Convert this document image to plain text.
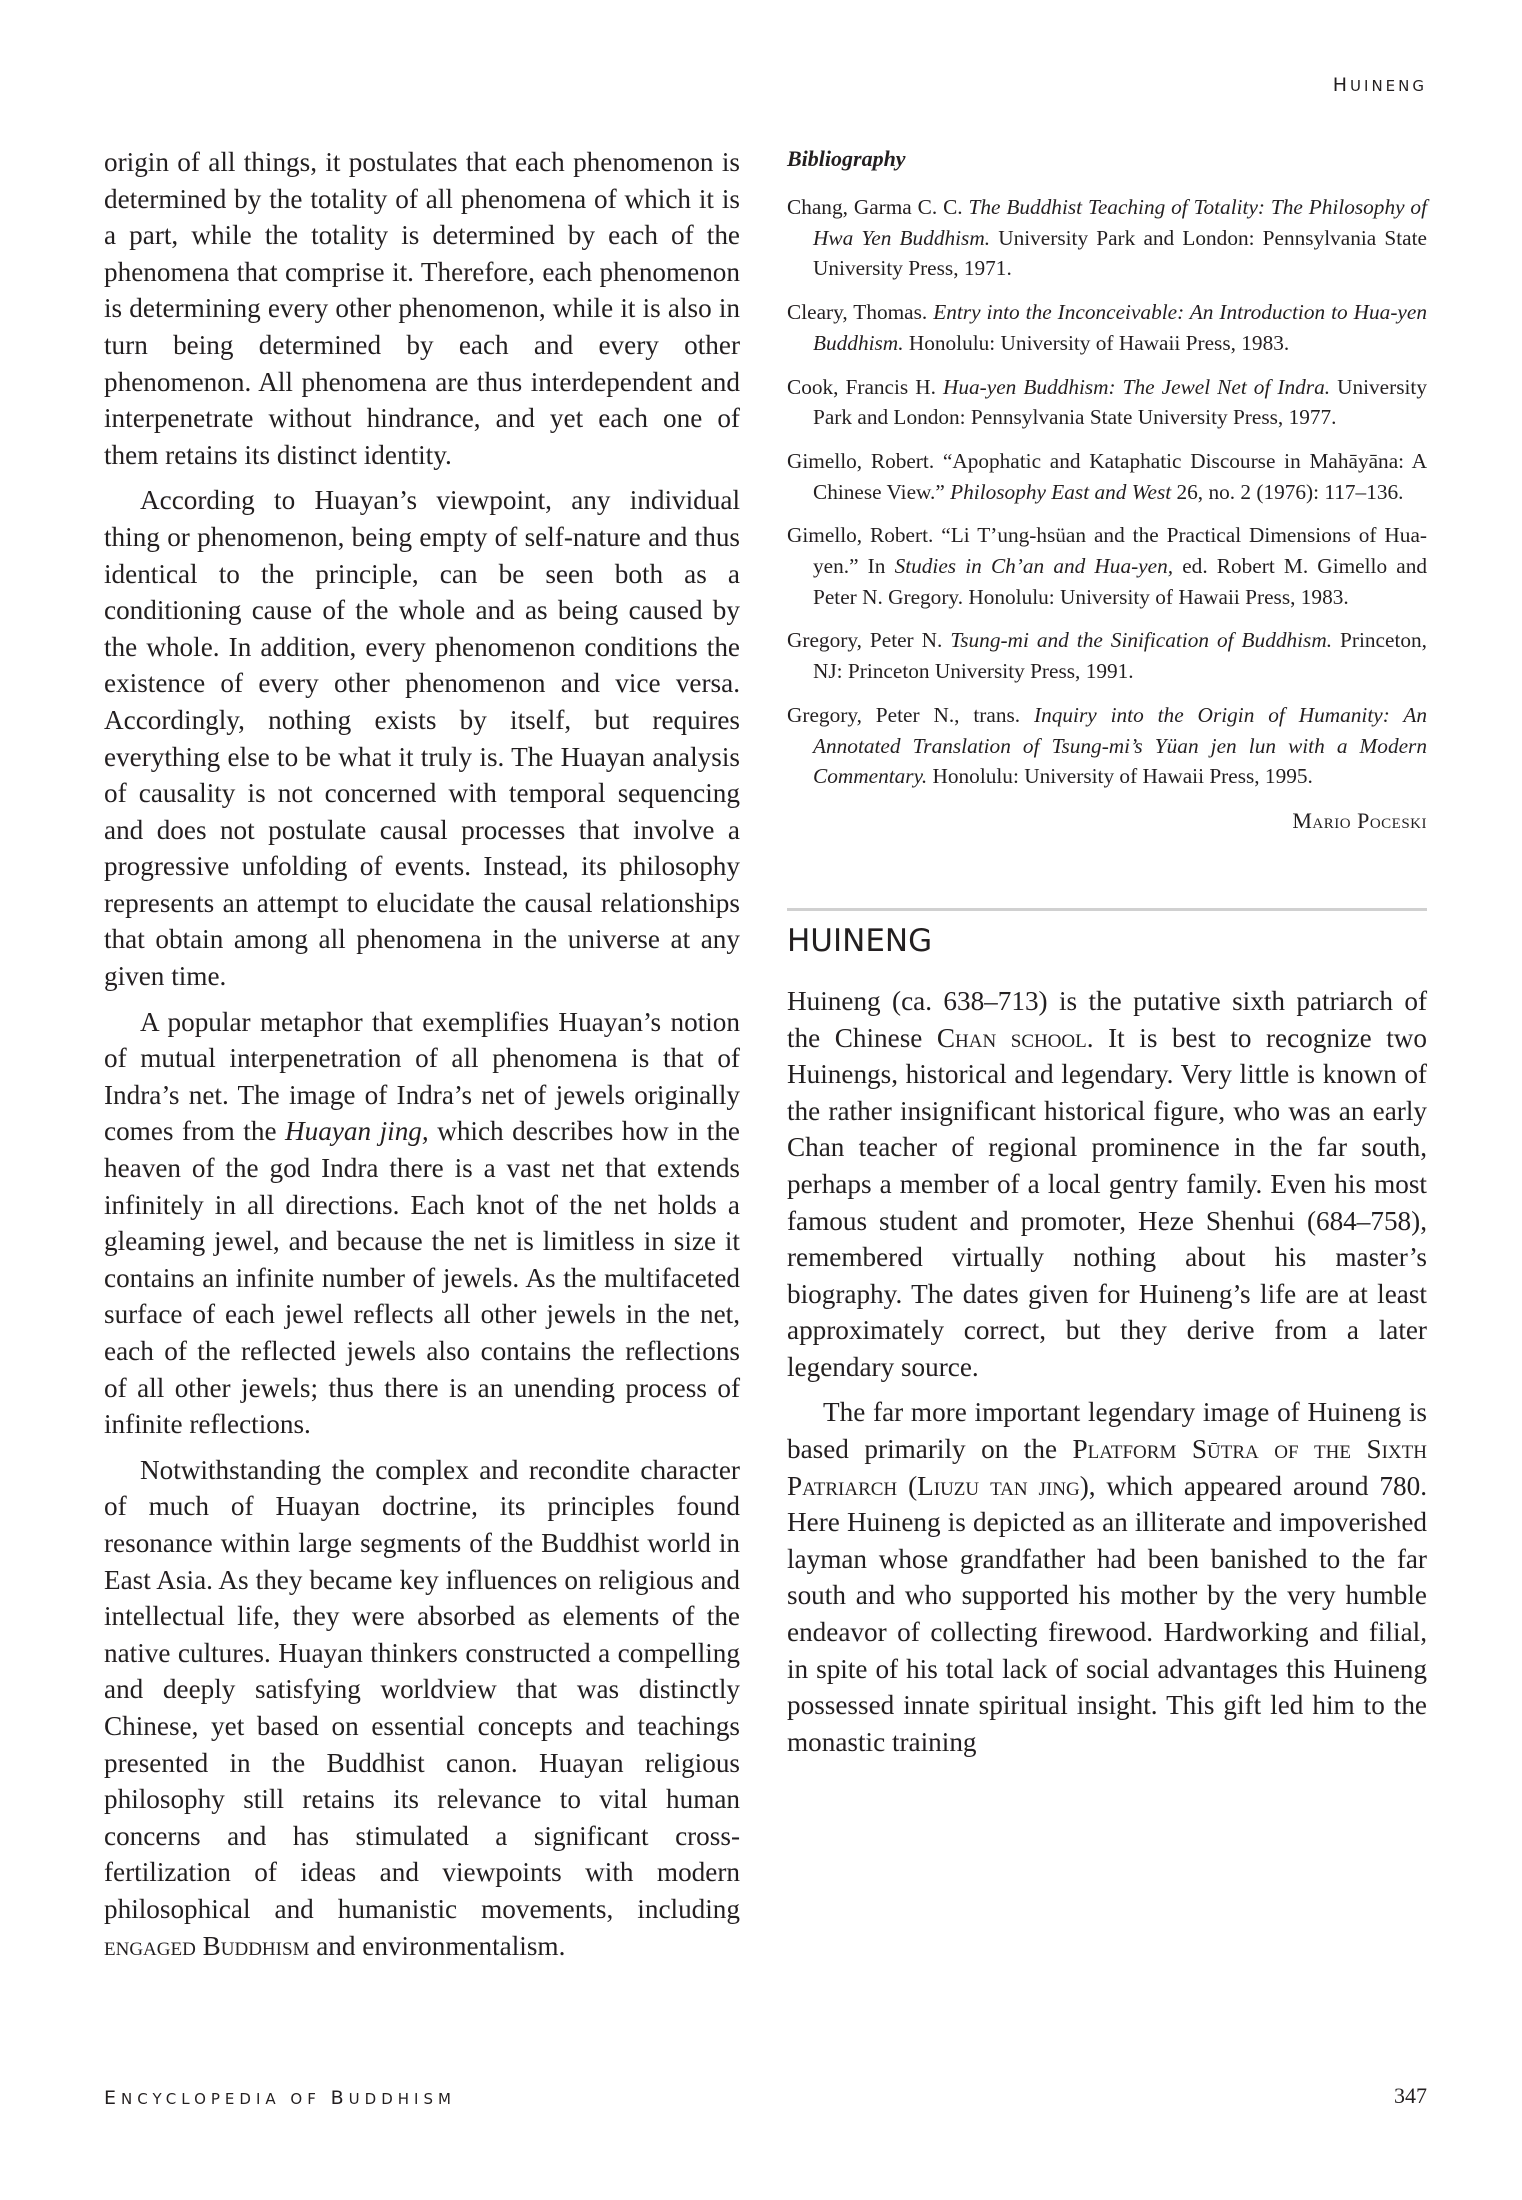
HUINENG

origin of all things, it postulates that each phenomenon is determined by the totality of all phenomena of which it is a part, while the totality is determined by each of the phenomena that comprise it. Therefore, each phenomenon is determining every other phenomenon, while it is also in turn being determined by each and every other phenomenon. All phenomena are thus interdependent and interpenetrate without hindrance, and yet each one of them retains its distinct identity.

According to Huayan’s viewpoint, any individual thing or phenomenon, being empty of self-nature and thus identical to the principle, can be seen both as a conditioning cause of the whole and as being caused by the whole. In addition, every phenomenon conditions the existence of every other phenomenon and vice versa. Accordingly, nothing exists by itself, but requires everything else to be what it truly is. The Huayan analysis of causality is not concerned with temporal sequencing and does not postulate causal processes that involve a progressive unfolding of events. Instead, its philosophy represents an attempt to elucidate the causal relationships that obtain among all phenomena in the universe at any given time.

A popular metaphor that exemplifies Huayan’s notion of mutual interpenetration of all phenomena is that of Indra’s net. The image of Indra’s net of jewels originally comes from the Huayan jing, which describes how in the heaven of the god Indra there is a vast net that extends infinitely in all directions. Each knot of the net holds a gleaming jewel, and because the net is limitless in size it contains an infinite number of jewels. As the multifaceted surface of each jewel reflects all other jewels in the net, each of the reflected jewels also contains the reflections of all other jewels; thus there is an unending process of infinite reflections.

Notwithstanding the complex and recondite character of much of Huayan doctrine, its principles found resonance within large segments of the Buddhist world in East Asia. As they became key influences on religious and intellectual life, they were absorbed as elements of the native cultures. Huayan thinkers constructed a compelling and deeply satisfying worldview that was distinctly Chinese, yet based on essential concepts and teachings presented in the Buddhist canon. Huayan religious philosophy still retains its relevance to vital human concerns and has stimulated a significant cross-fertilization of ideas and viewpoints with modern philosophical and humanistic movements, including engaged Buddhism and environmentalism.

Bibliography

Chang, Garma C. C. The Buddhist Teaching of Totality: The Philosophy of Hwa Yen Buddhism. University Park and London: Pennsylvania State University Press, 1971.

Cleary, Thomas. Entry into the Inconceivable: An Introduction to Hua-yen Buddhism. Honolulu: University of Hawaii Press, 1983.

Cook, Francis H. Hua-yen Buddhism: The Jewel Net of Indra. University Park and London: Pennsylvania State University Press, 1977.

Gimello, Robert. “Apophatic and Kataphatic Discourse in Mahāyāna: A Chinese View.” Philosophy East and West 26, no. 2 (1976): 117–136.

Gimello, Robert. “Li T’ung-hsüan and the Practical Dimensions of Hua-yen.” In Studies in Ch’an and Hua-yen, ed. Robert M. Gimello and Peter N. Gregory. Honolulu: University of Hawaii Press, 1983.

Gregory, Peter N. Tsung-mi and the Sinification of Buddhism. Princeton, NJ: Princeton University Press, 1991.

Gregory, Peter N., trans. Inquiry into the Origin of Humanity: An Annotated Translation of Tsung-mi’s Yüan jen lun with a Modern Commentary. Honolulu: University of Hawaii Press, 1995.

Mario Poceski

HUINENG

Huineng (ca. 638–713) is the putative sixth patriarch of the Chinese Chan school. It is best to recognize two Huinengs, historical and legendary. Very little is known of the rather insignificant historical figure, who was an early Chan teacher of regional prominence in the far south, perhaps a member of a local gentry family. Even his most famous student and promoter, Heze Shenhui (684–758), remembered virtually nothing about his master’s biography. The dates given for Huineng’s life are at least approximately correct, but they derive from a later legendary source.

The far more important legendary image of Huineng is based primarily on the Platform Sūtra of the Sixth Patriarch (Liuzu tan jing), which appeared around 780. Here Huineng is depicted as an illiterate and impoverished layman whose grandfather had been banished to the far south and who supported his mother by the very humble endeavor of collecting firewood. Hardworking and filial, in spite of his total lack of social advantages this Huineng possessed innate spiritual insight. This gift led him to the monastic training

ENCYCLOPEDIA OF BUDDHISM	347
